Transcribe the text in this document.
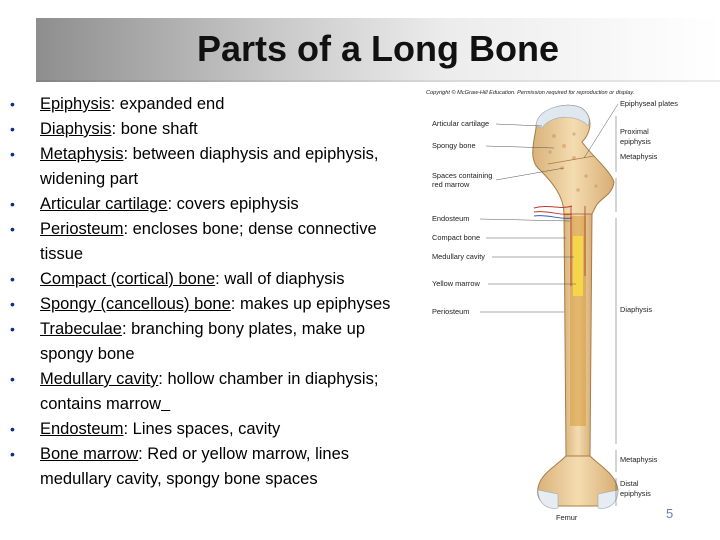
Parts of a Long Bone
• Epiphysis: expanded end
• Diaphysis: bone shaft
• Metaphysis: between diaphysis and epiphysis, widening part
• Articular cartilage: covers epiphysis
• Periosteum: encloses bone; dense connective tissue
• Compact (cortical) bone: wall of diaphysis
• Spongy (cancellous) bone: makes up epiphyses
• Trabeculae: branching bony plates, make up spongy bone
• Medullary cavity: hollow chamber in diaphysis; contains marrow
• Endosteum: Lines spaces, cavity
• Bone marrow: Red or yellow marrow, lines medullary cavity, spongy bone spaces
Copyright © McGraw-Hill Education. Permission required for reproduction or display.
Articular cartilage
Spongy bone
Spaces containing
red marrow
Endosteum
Compact bone
Medullary cavity
Yellow marrow
Periosteum
Epiphyseal plates
Proximal
epiphysis
Metaphysis
Diaphysis
Metaphysis
Distal
epiphysis
Femur	5
